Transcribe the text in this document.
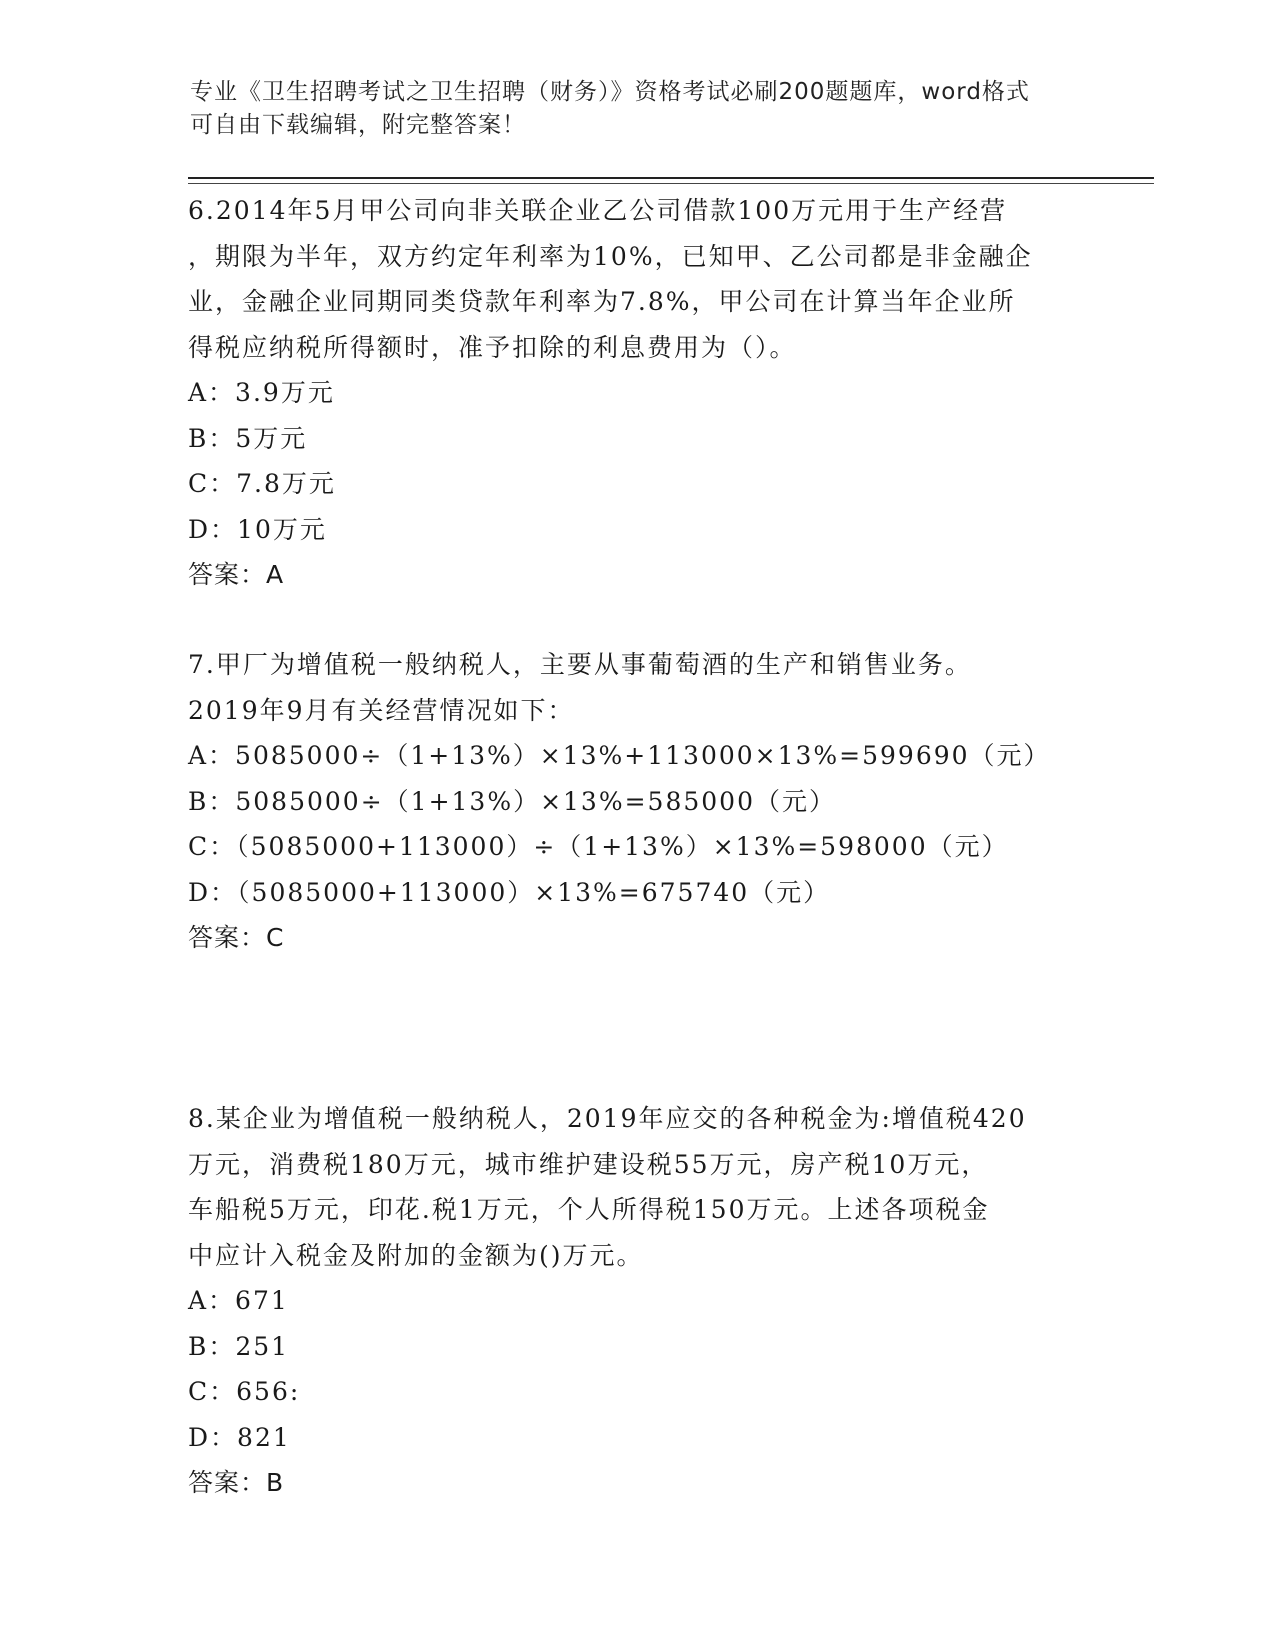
专业《卫生招聘考试之卫生招聘（财务）》资格考试必刷200题题库，word格式
可自由下载编辑，附完整答案！

6.2014年5月甲公司向非关联企业乙公司借款100万元用于生产经营

，期限为半年，双方约定年利率为10%，已知甲、乙公司都是非金融企

业，金融企业同期同类贷款年利率为7.8%，甲公司在计算当年企业所

得税应纳税所得额时，准予扣除的利息费用为（）。

A：3.9万元

B：5万元

C：7.8万元

D：10万元

答案：A

7.甲厂为增值税一般纳税人，主要从事葡萄酒的生产和销售业务。

2019年9月有关经营情况如下：

A：5085000÷（1+13%）×13%+113000×13%=599690（元）

B：5085000÷（1+13%）×13%=585000（元）

C：（5085000+113000）÷（1+13%）×13%=598000（元）

D：（5085000+113000）×13%=675740（元）

答案：C

8.某企业为增值税一般纳税人，2019年应交的各种税金为:增值税420

万元，消费税180万元，城市维护建设税55万元，房产税10万元，

车船税5万元，印花.税1万元，个人所得税150万元。上述各项税金

中应计入税金及附加的金额为()万元。

A：671

B：251

C：656:

D：821

答案：B
